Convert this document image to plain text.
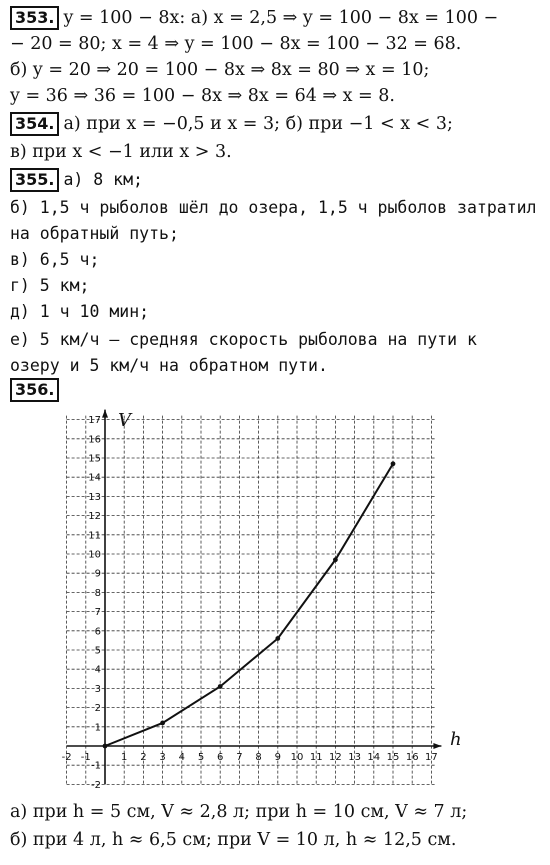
353. y = 100 − 8x: а) x = 2,5 ⇒ y = 100 − 8x = 100 −
− 20 = 80; x = 4 ⇒ y = 100 − 8x = 100 − 32 = 68.
б) y = 20 ⇒ 20 = 100 − 8x ⇒ 8x = 80 ⇒ x = 10;
y = 36 ⇒ 36 = 100 − 8x ⇒ 8x = 64 ⇒ x = 8.
354. а) при x = −0,5 и x = 3; б) при −1 < x < 3;
в) при x < −1 или x > 3.
355. а) 8 км;
б) 1,5 ч рыболов шёл до озера, 1,5 ч рыболов затратил
на обратный путь;
в) 6,5 ч;
г) 5 км;
д) 1 ч 10 мин;
е) 5 км/ч — средняя скорость рыболова на пути к
озеру и 5 км/ч на обратном пути.
356.
-2 -1	1 2 3 4 5 6 7 8 9 10 11 12 13 14 15 16 17
-2
-1
1
2
3
4
5
6
7
8
9
10
11
12
13
14
15
16
17 V
h
а) при h = 5 см, V ≈ 2,8 л; при h = 10 см, V ≈ 7 л;
б) при 4 л, h ≈ 6,5 см; при V = 10 л, h ≈ 12,5 см.
